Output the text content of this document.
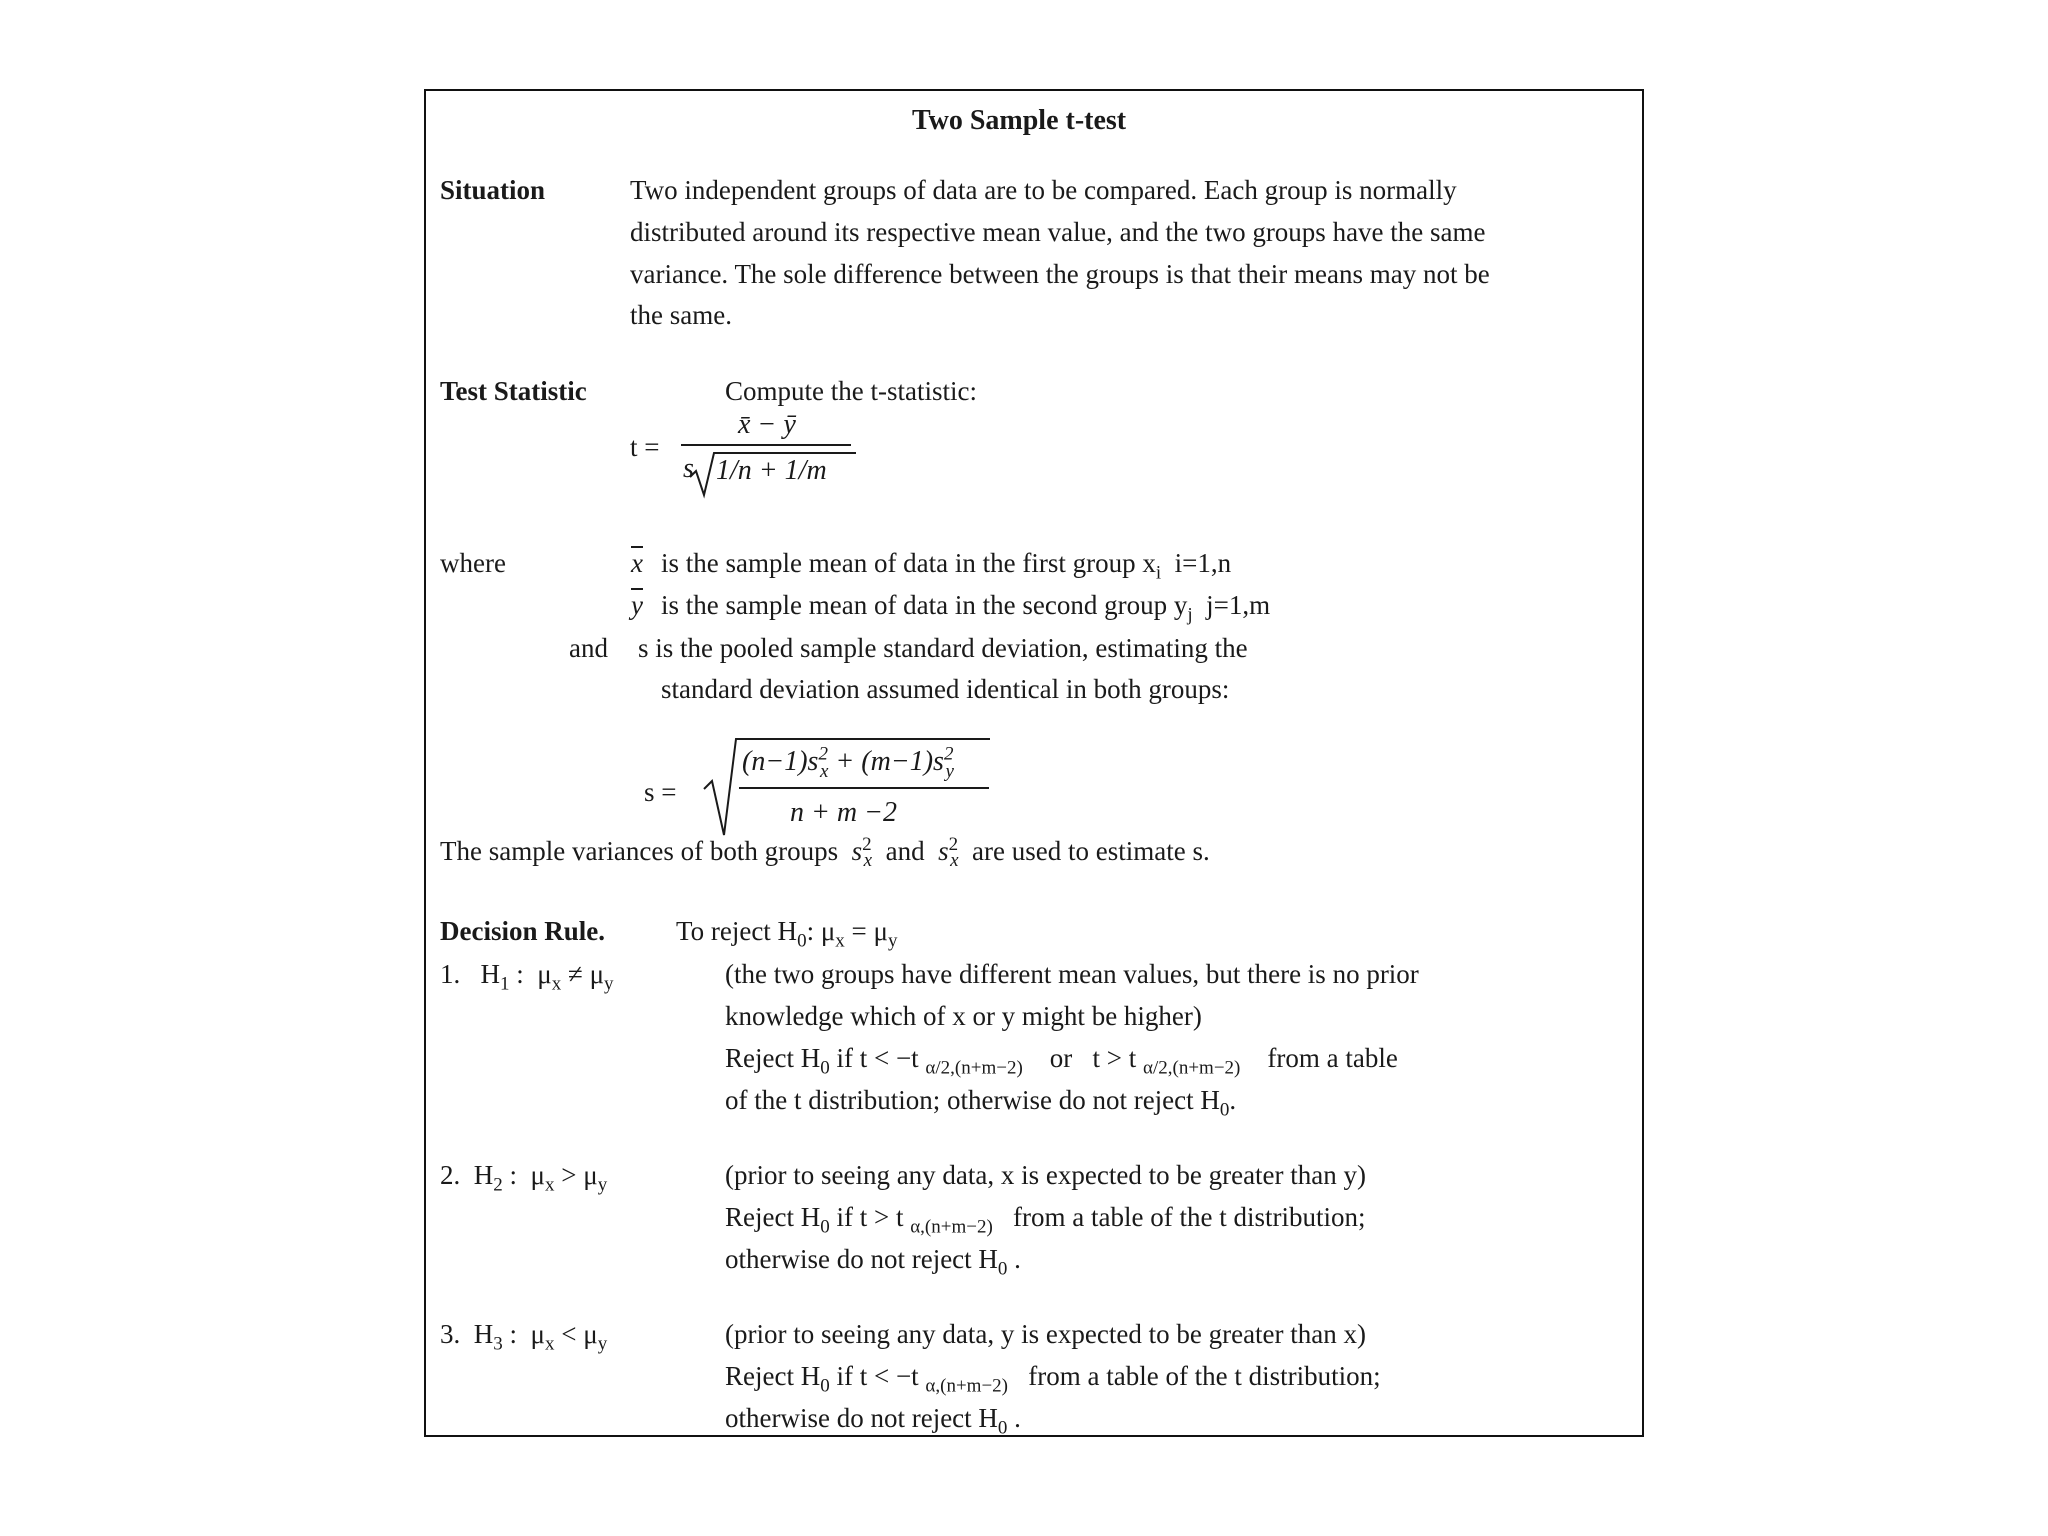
Two Sample t-test
Situation	Two independent groups of data are to be compared. Each group is normally
distributed around its respective mean value, and the two groups have the same
variance. The sole difference between the groups is that their means may not be
the same.
Test Statistic	Compute the t-statistic:
t =
x̄ − ȳ
s 1/n + 1/m
where	$\overline{x}$ is the sample mean of data in the first group $x_i$ i=1,n
$\overline{y}$ is the sample mean of data in the second group $y_j$ j=1,m
and s is the pooled sample standard deviation, estimating the
standard deviation assumed identical in both groups:
s =
$(n-1)s^2_x + (m-1)s^2_y$
n + m −2
The sample variances of both groups $s^2_x$ and $s^2_x$ are used to estimate s.
Decision Rule.	To reject $H_0$: $\mu_x = \mu_y$
1. $H_1$ :  $\mu_x \ne \mu_y$	(the two groups have different mean values, but there is no prior
knowledge which of x or y might be higher)
Reject $H_0$ if t < −t $_{\alpha/2,(n+m-2)}$ or t > t $_{\alpha/2,(n+m-2)}$ from a table
of the t distribution; otherwise do not reject $H_0$.
2. $H_2$ :  $\mu_x > \mu_y$	(prior to seeing any data, x is expected to be greater than y)
Reject $H_0$ if t > t $_{\alpha,(n+m-2)}$ from a table of the t distribution;
otherwise do not reject $H_0$ .
3. $H_3$ :  $\mu_x < \mu_y$	(prior to seeing any data, y is expected to be greater than x)
Reject $H_0$ if t < −t $_{\alpha,(n+m-2)}$ from a table of the t distribution;
otherwise do not reject $H_0$ .
